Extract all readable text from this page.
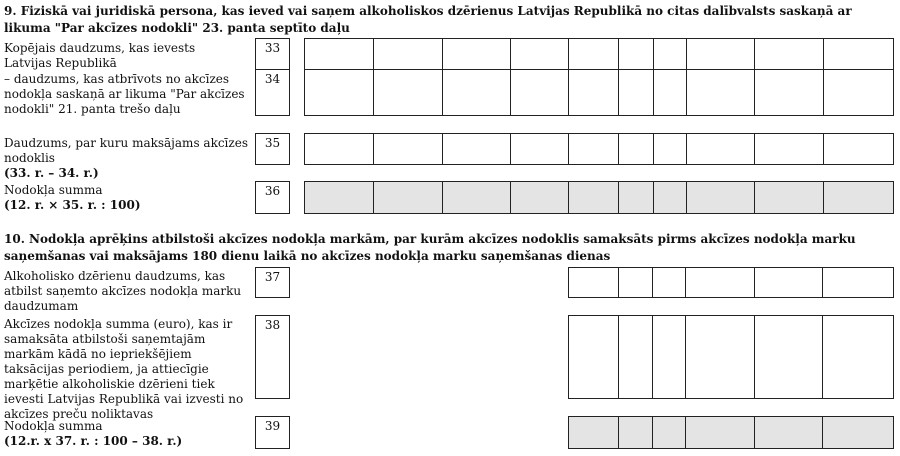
9. Fiziskā vai juridiskā persona, kas ieved vai saņem alkoholiskos dzērienus Latvijas Republikā no citas dalībvalsts saskaņā ar likuma "Par akcīzes nodokli" 23. panta septīto daļu
Kopējais daudzums, kas ievests Latvijas Republikā
33
– daudzums, kas atbrīvots no akcīzes nodokļa saskaņā ar likuma "Par akcīzes nodokli" 21. panta trešo daļu
34
Daudzums, par kuru maksājams akcīzes nodoklis
(33. r. – 34. r.)
35
Nodokļa summa
(12. r. × 35. r. : 100)
36
10. Nodokļa aprēķins atbilstoši akcīzes nodokļa markām, par kurām akcīzes nodoklis samaksāts pirms akcīzes nodokļa marku saņemšanas vai maksājams 180 dienu laikā no akcīzes nodokļa marku saņemšanas dienas
Alkoholisko dzērienu daudzums, kas atbilst saņemto akcīzes nodokļa marku daudzumam
37
Akcīzes nodokļa summa (euro), kas ir samaksāta atbilstoši saņemtajām markām kādā no iepriekšējiem taksācijas periodiem, ja attiecīgie marķētie alkoholiskie dzērieni tiek ievesti Latvijas Republikā vai izvesti no akcīzes preču noliktavas
38
Nodokļa summa
(12.r. x 37. r. : 100 – 38. r.)
39
